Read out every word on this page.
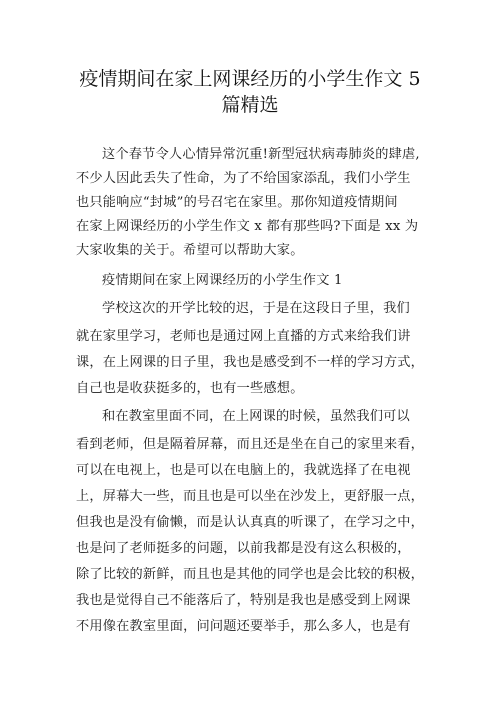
疫情期间在家上网课经历的小学生作文 5
篇精选
这个春节令人心情异常沉重!新型冠状病毒肺炎的肆虐,
不少人因此丢失了性命，为了不给国家添乱，我们小学生
也只能响应“封城”的号召宅在家里。那你知道疫情期间
在家上网课经历的小学生作文 x 都有那些吗?下面是 xx 为
大家收集的关于。希望可以帮助大家。
疫情期间在家上网课经历的小学生作文 1
学校这次的开学比较的迟，于是在这段日子里，我们
就在家里学习，老师也是通过网上直播的方式来给我们讲
课，在上网课的日子里，我也是感受到不一样的学习方式，
自己也是收获挺多的，也有一些感想。
和在教室里面不同，在上网课的时候，虽然我们可以
看到老师，但是隔着屏幕，而且还是坐在自己的家里来看，
可以在电视上，也是可以在电脑上的，我就选择了在电视
上，屏幕大一些，而且也是可以坐在沙发上，更舒服一点，
但我也是没有偷懒，而是认认真真的听课了，在学习之中，
也是问了老师挺多的问题，以前我都是没有这么积极的，
除了比较的新鲜，而且也是其他的同学也是会比较的积极，
我也是觉得自己不能落后了，特别是我也是感受到上网课
不用像在教室里面，问问题还要举手，那么多人，也是有
